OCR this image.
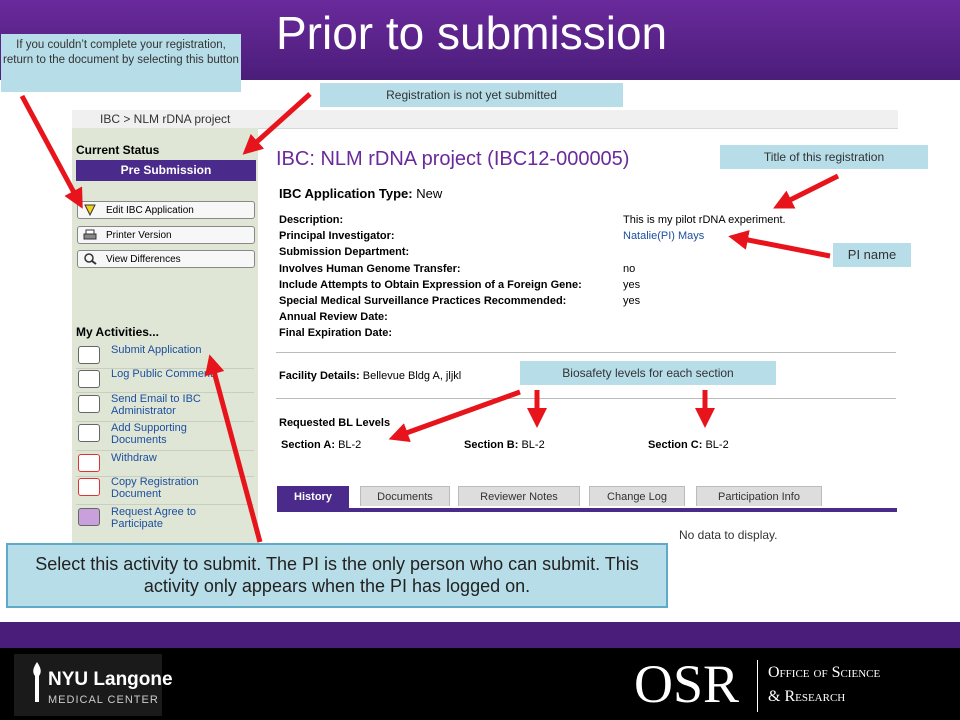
Prior to submission
NYU Langone
MEDICAL CENTER	OSR Office of Science
& Research
IBC > NLM rDNA project
Current Status
Pre Submission
Edit IBC Application
Printer Version
View Differences
My Activities...
Submit Application
Log Public Comment
Send Email to IBC Administrator
Add Supporting Documents
Withdraw
Copy Registration Document
Request Agree to Participate
IBC: NLM rDNA project (IBC12-000005)
IBC Application Type: New
Description:	This is my pilot rDNA experiment.
Principal Investigator:	Natalie(PI) Mays
Submission Department:
Involves Human Genome Transfer:	no
Include Attempts to Obtain Expression of a Foreign Gene:	yes
Special Medical Surveillance Practices Recommended:	yes
Annual Review Date:
Final Expiration Date:
Facility Details: Bellevue Bldg A, jljkl
Requested BL Levels
Section A: BL-2	Section B: BL-2	Section C: BL-2
History	Documents	Reviewer Notes	Change Log	Participation Info
No data to display.
If you couldn’t complete your registration, return to the document by selecting this button
Registration is not yet submitted
Title of this registration
PI name
Biosafety levels for each section
Select this activity to submit. The PI is the only person who can submit. This activity only appears when the PI has logged on.
